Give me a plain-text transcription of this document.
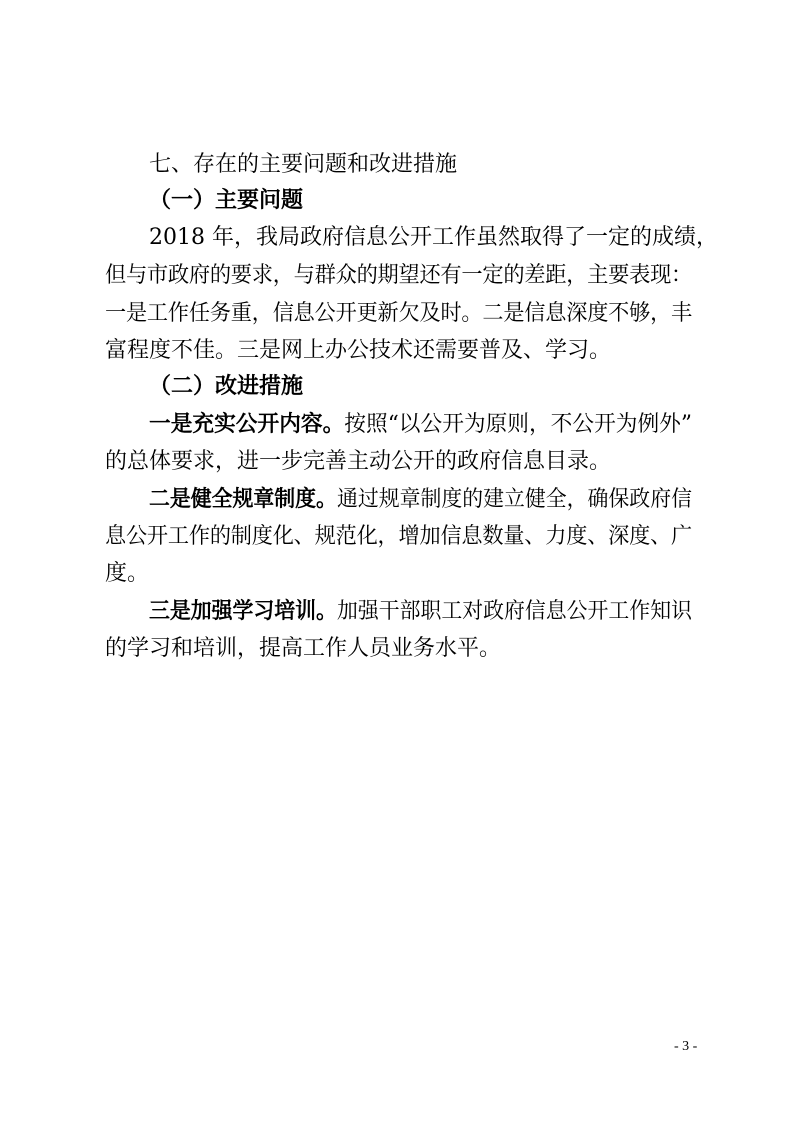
七、存在的主要问题和改进措施
（一）主要问题
2018 年，我局政府信息公开工作虽然取得了一定的成绩，
但与市政府的要求，与群众的期望还有一定的差距，主要表现：
一是工作任务重，信息公开更新欠及时。二是信息深度不够，丰
富程度不佳。三是网上办公技术还需要普及、学习。
（二）改进措施
一是充实公开内容。按照“以公开为原则，不公开为例外”
的总体要求，进一步完善主动公开的政府信息目录。
二是健全规章制度。通过规章制度的建立健全，确保政府信
息公开工作的制度化、规范化，增加信息数量、力度、深度、广
度。
三是加强学习培训。加强干部职工对政府信息公开工作知识
的学习和培训，提高工作人员业务水平。
- 3 -
